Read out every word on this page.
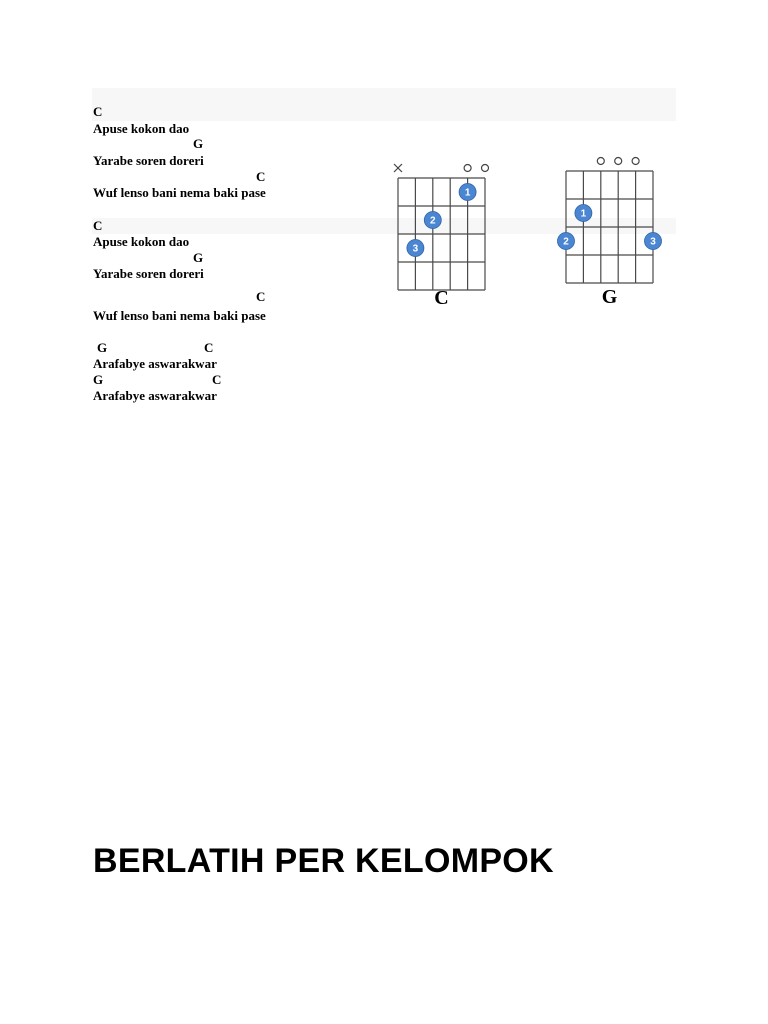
C
Apuse kokon dao
G
Yarabe soren doreri
C
Wuf lenso bani nema baki pase
C
Apuse kokon dao
G
Yarabe soren doreri
C
Wuf lenso bani nema baki pase
G	C
Arafabye aswarakwar
G	C
Arafabye aswarakwar
1
2
3
C
1
2	3
G
BERLATIH PER KELOMPOK
